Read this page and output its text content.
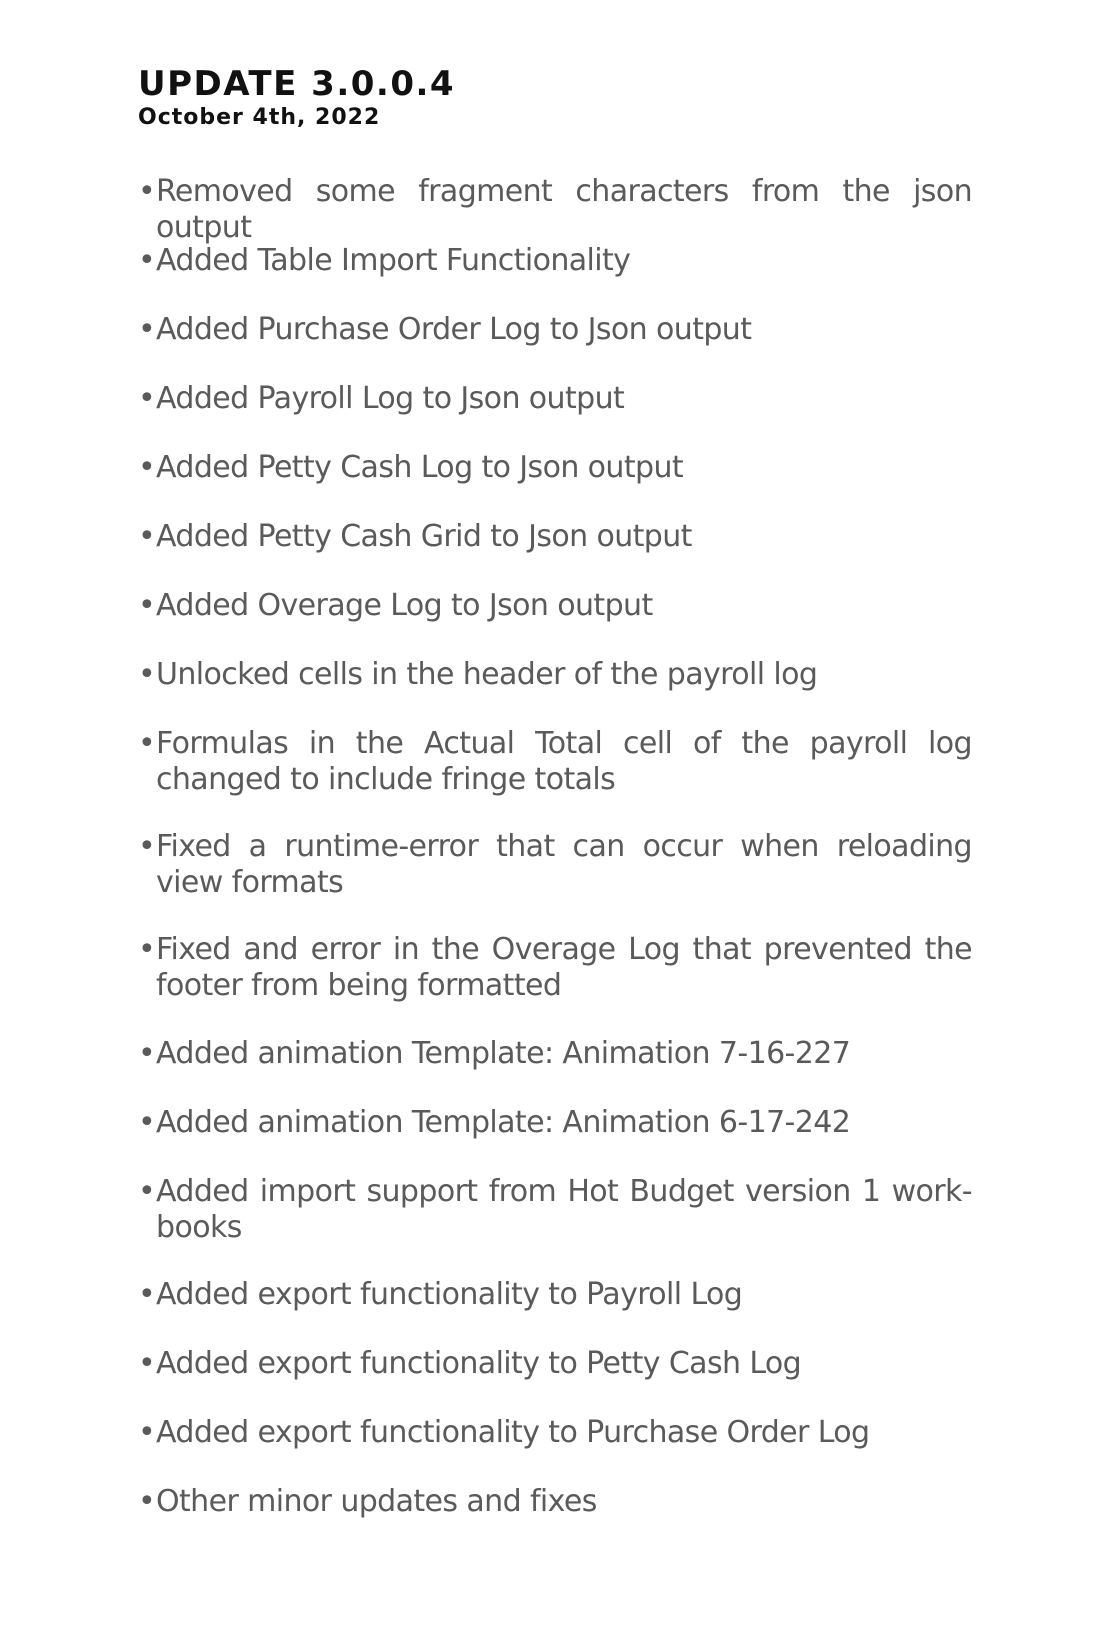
UPDATE 3.0.0.4
October 4th, 2022
• Removed some fragment characters from the json output
• Added Table Import Functionality
• Added Purchase Order Log to Json output
• Added Payroll Log to Json output
• Added Petty Cash Log to Json output
• Added Petty Cash Grid to Json output
• Added Overage Log to Json output
• Unlocked cells in the header of the payroll log
• Formulas in the Actual Total cell of the payroll log changed to include fringe totals
• Fixed a runtime-error that can occur when reloading view formats
• Fixed and error in the Overage Log that prevented the footer from being formatted
• Added animation Template: Animation 7-16-227
• Added animation Template: Animation 6-17-242
• Added import support from Hot Budget version 1 work-books
• Added export functionality to Payroll Log
• Added export functionality to Petty Cash Log
• Added export functionality to Purchase Order Log
• Other minor updates and fixes
